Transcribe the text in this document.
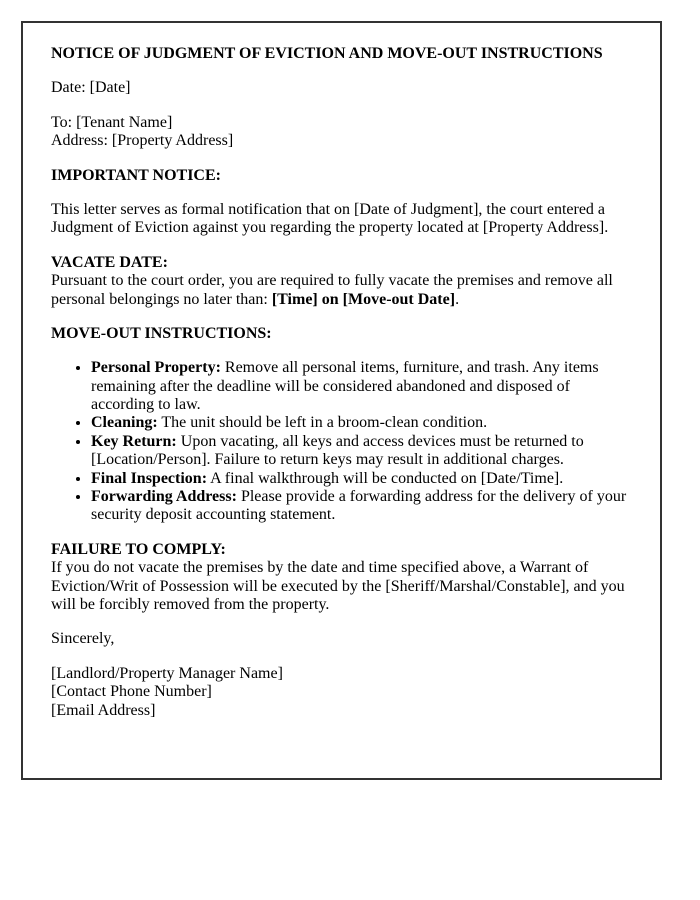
NOTICE OF JUDGMENT OF EVICTION AND MOVE-OUT INSTRUCTIONS

Date: [Date]

To: [Tenant Name]
Address: [Property Address]

IMPORTANT NOTICE:

This letter serves as formal notification that on [Date of Judgment], the court entered a Judgment of Eviction against you regarding the property located at [Property Address].

VACATE DATE:
Pursuant to the court order, you are required to fully vacate the premises and remove all personal belongings no later than: [Time] on [Move-out Date].

MOVE-OUT INSTRUCTIONS:

• Personal Property: Remove all personal items, furniture, and trash. Any items remaining after the deadline will be considered abandoned and disposed of according to law.
• Cleaning: The unit should be left in a broom-clean condition.
• Key Return: Upon vacating, all keys and access devices must be returned to [Location/Person]. Failure to return keys may result in additional charges.
• Final Inspection: A final walkthrough will be conducted on [Date/Time].
• Forwarding Address: Please provide a forwarding address for the delivery of your security deposit accounting statement.

FAILURE TO COMPLY:
If you do not vacate the premises by the date and time specified above, a Warrant of Eviction/Writ of Possession will be executed by the [Sheriff/Marshal/Constable], and you will be forcibly removed from the property.

Sincerely,

[Landlord/Property Manager Name]
[Contact Phone Number]
[Email Address]
